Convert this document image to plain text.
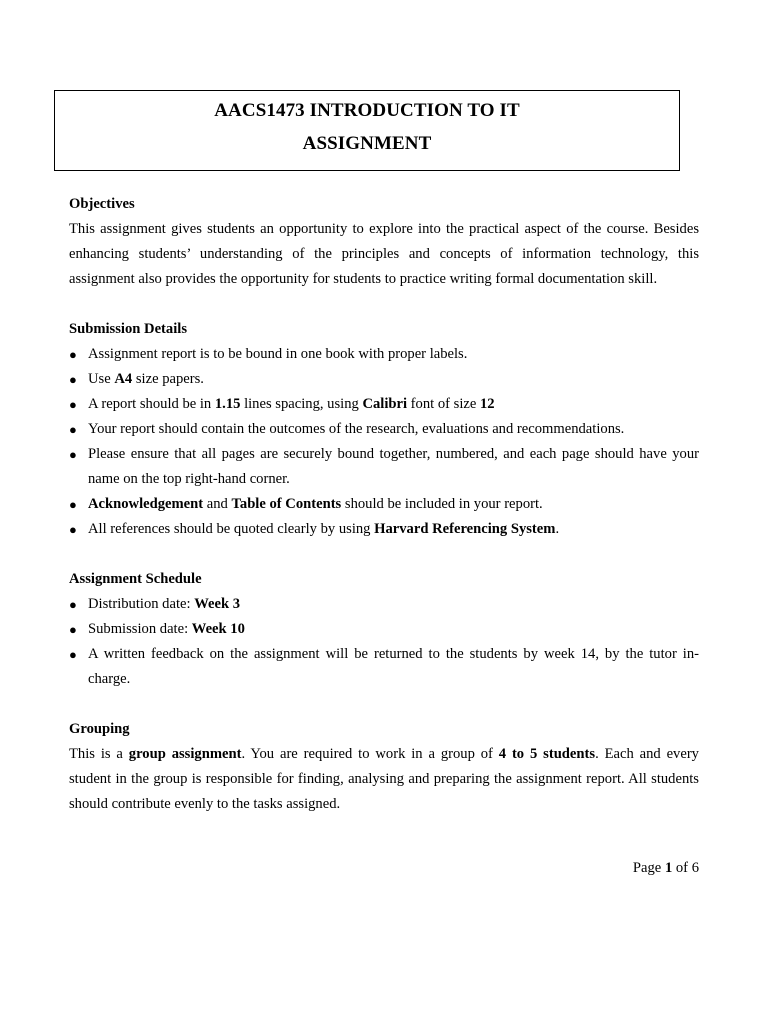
AACS1473 INTRODUCTION TO IT
ASSIGNMENT

Objectives

This assignment gives students an opportunity to explore into the practical aspect of the course. Besides enhancing students’ understanding of the principles and concepts of information technology, this assignment also provides the opportunity for students to practice writing formal documentation skill.

Submission Details

● Assignment report is to be bound in one book with proper labels.
● Use A4 size papers.
● A report should be in 1.15 lines spacing, using Calibri font of size 12
● Your report should contain the outcomes of the research, evaluations and recommendations.
● Please ensure that all pages are securely bound together, numbered, and each page should have your name on the top right-hand corner.
● Acknowledgement and Table of Contents should be included in your report.
● All references should be quoted clearly by using Harvard Referencing System.

Assignment Schedule

● Distribution date: Week 3
● Submission date: Week 10
● A written feedback on the assignment will be returned to the students by week 14, by the tutor in-charge.

Grouping

This is a group assignment. You are required to work in a group of 4 to 5 students. Each and every student in the group is responsible for finding, analysing and preparing the assignment report. All students should contribute evenly to the tasks assigned.

Page 1 of 6
